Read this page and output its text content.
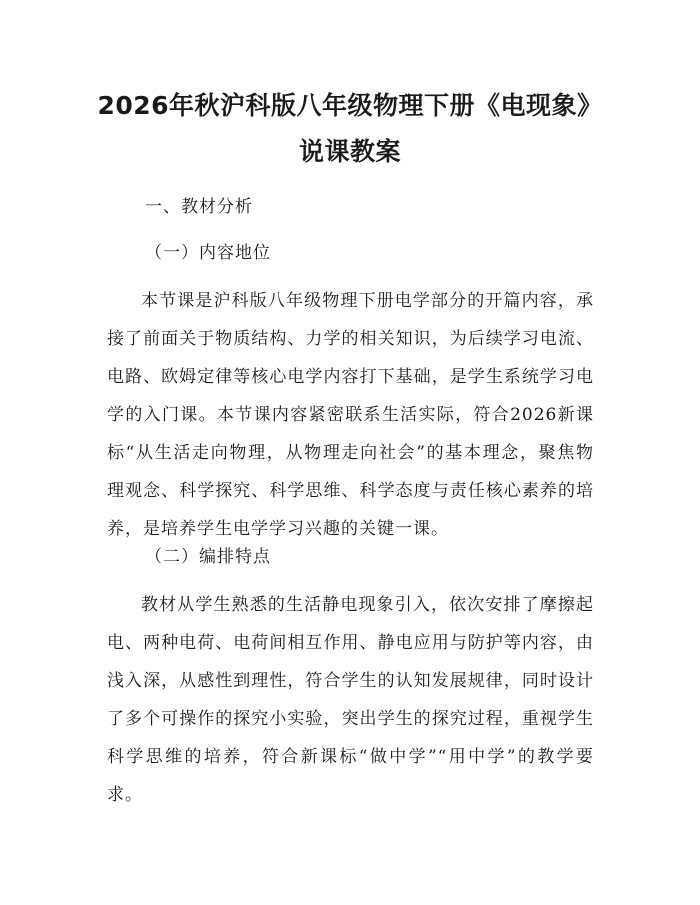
2026年秋沪科版八年级物理下册《电现象》
说课教案
一、教材分析
（一）内容地位
本节课是沪科版八年级物理下册电学部分的开篇内容，承接了前面关于物质结构、力学的相关知识，为后续学习电流、电路、欧姆定律等核心电学内容打下基础，是学生系统学习电学的入门课。本节课内容紧密联系生活实际，符合2026新课标“从生活走向物理，从物理走向社会”的基本理念，聚焦物理观念、科学探究、科学思维、科学态度与责任核心素养的培养，是培养学生电学学习兴趣的关键一课。
（二）编排特点
教材从学生熟悉的生活静电现象引入，依次安排了摩擦起电、两种电荷、电荷间相互作用、静电应用与防护等内容，由浅入深，从感性到理性，符合学生的认知发展规律，同时设计了多个可操作的探究小实验，突出学生的探究过程，重视学生科学思维的培养，符合新课标“做中学”“用中学”的教学要求。
